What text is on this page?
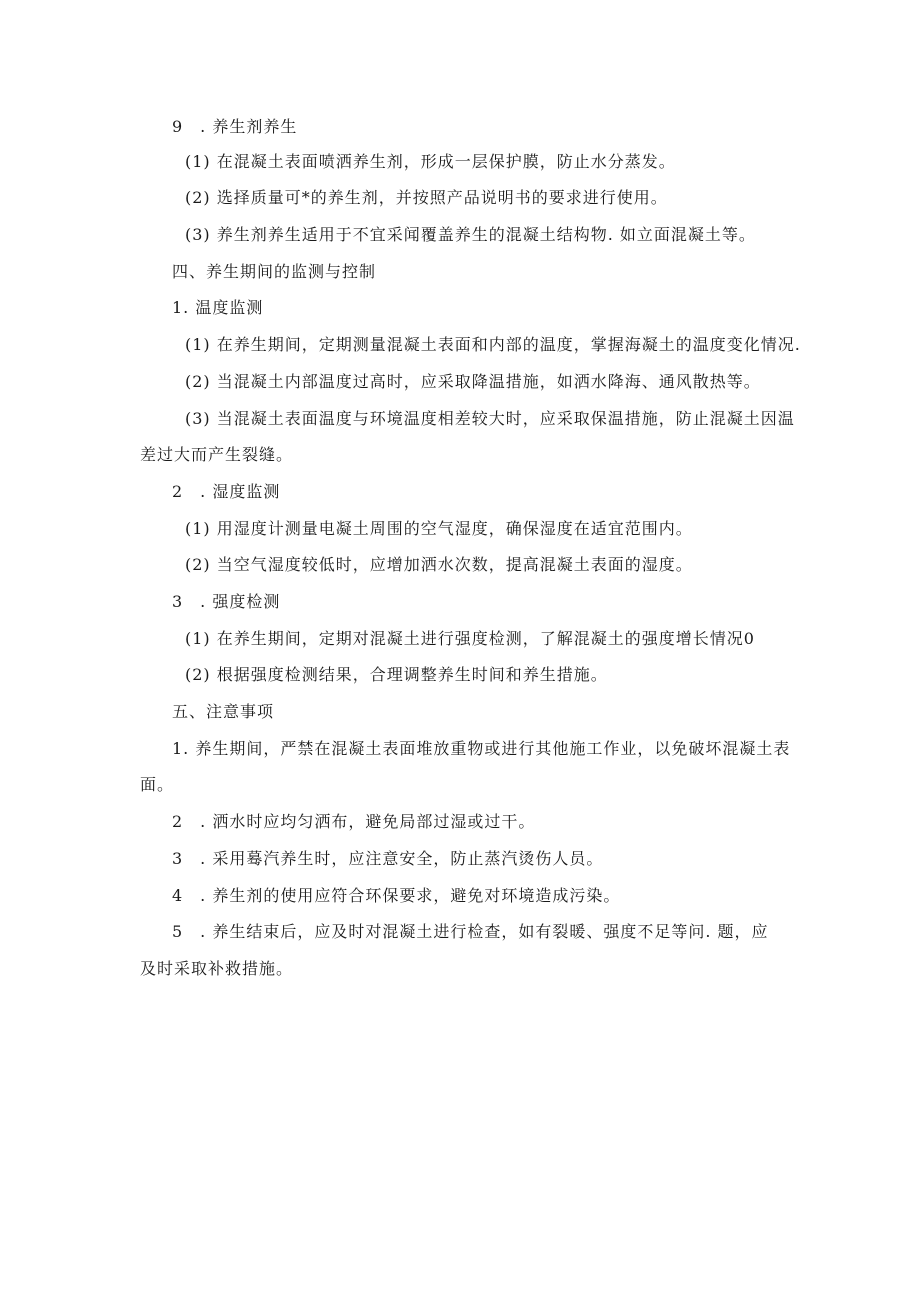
9　. 养生剂养生
(1) 在混凝土表面喷洒养生剂，形成一层保护膜，防止水分蒸发。
(2) 选择质量可*的养生剂，并按照产品说明书的要求进行使用。
(3) 养生剂养生适用于不宜采闻覆盖养生的混凝土结构物. 如立面混凝土等。
四、养生期间的监测与控制
1. 温度监测
(1) 在养生期间，定期测量混凝土表面和内部的温度，掌握海凝土的温度变化情况.
(2) 当混凝土内部温度过高时，应采取降温措施，如洒水降海、通风散热等。
(3) 当混凝土表面温度与环境温度相差较大时，应采取保温措施，防止混凝土因温
差过大而产生裂缝。
2　. 湿度监测
(1) 用湿度计测量电凝土周围的空气湿度，确保湿度在适宜范围内。
(2) 当空气湿度较低时，应增加洒水次数，提高混凝土表面的湿度。
3　. 强度检测
(1) 在养生期间，定期对混凝土进行强度检测，了解混凝土的强度增长情况0
(2) 根据强度检测结果，合理调整养生时间和养生措施。
五、注意事项
1. 养生期间，严禁在混凝土表面堆放重物或进行其他施工作业，以免破坏混凝土表
面。
2　. 洒水时应均匀洒布，避免局部过湿或过干。
3　. 采用蓦汽养生时，应注意安全，防止蒸汽烫伤人员。
4　. 养生剂的使用应符合环保要求，避免对环境造成污染。
5　. 养生结束后，应及时对混凝土进行检查，如有裂暖、强度不足等问. 题，应
及时采取补救措施。
